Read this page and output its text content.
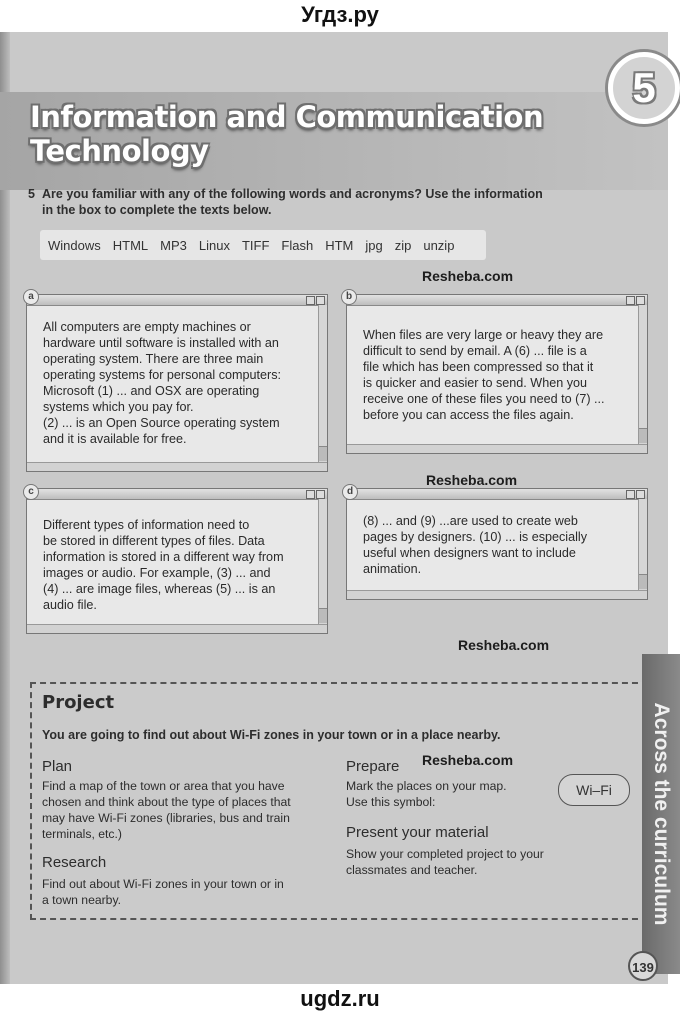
Угдз.ру
Information and Communication Technology
5
5 Are you familiar with any of the following words and acronyms? Use the information
in the box to complete the texts below.
Windows HTML MP3 Linux TIFF Flash HTM jpg zip unzip
Resheba.com
All computers are empty machines or
hardware until software is installed with an
operating system. There are three main
operating systems for personal computers:
Microsoft (1) ... and OSX are operating
systems which you pay for.
(2) ... is an Open Source operating system
and it is available for free.
a
When files are very large or heavy they are
difficult to send by email. A (6) ... file is a
file which has been compressed so that it
is quicker and easier to send. When you
receive one of these files you need to (7) ...
before you can access the files again.
b
Resheba.com
Different types of information need to
be stored in different types of files. Data
information is stored in a different way from
images or audio. For example, (3) ... and
(4) ... are image files, whereas (5) ... is an
audio file.
c
(8) ... and (9) ...are used to create web
pages by designers. (10) ... is especially
useful when designers want to include
animation.
d
Resheba.com
Project
You are going to find out about Wi-Fi zones in your town or in a place nearby.
Plan
Find a map of the town or area that you have
chosen and think about the type of places that
may have Wi-Fi zones (libraries, bus and train
terminals, etc.)
Research
Find out about Wi-Fi zones in your town or in
a town nearby.
Prepare Resheba.com
Mark the places on your map.
Use this symbol:
Wi–Fi
Present your material
Show your completed project to your
classmates and teacher.	Across the curriculum
139
ugdz.ru
